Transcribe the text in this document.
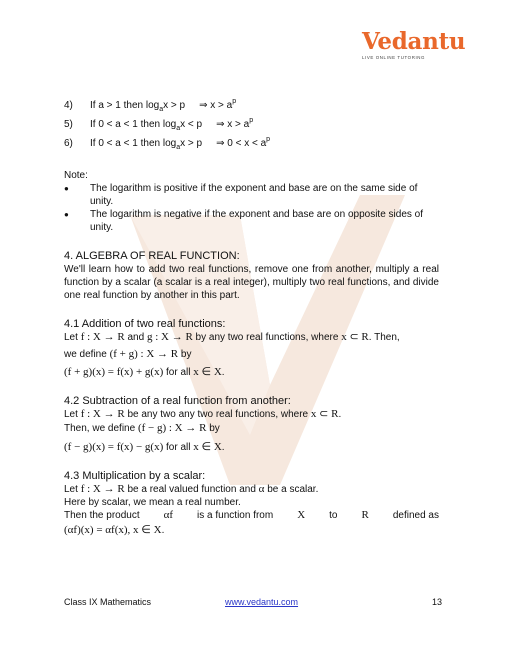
Vedantu
LIVE ONLINE TUTORING
4) If a > 1 then $\log_ax > p$ ⇒ $x > a^p$
5) If 0 < a < 1 then $\log_ax < p$ ⇒ $x > a^p$
6) If 0 < a < 1 then $\log_ax > p$ ⇒ $0 < x < a^p$
Note:
● The logarithm is positive if the exponent and base are on the same side of unity.
● The logarithm is negative if the exponent and base are on opposite sides of unity.
4. ALGEBRA OF REAL FUNCTION:
We'll learn how to add two real functions, remove one from another, multiply a real function by a scalar (a scalar is a real integer), multiply two real functions, and divide one real function by another in this part.
4.1 Addition of two real functions:
Let f : X → R and g : X → R by any two real functions, where x ⊂ R. Then,
we define (f + g) : X → R by
(f + g)(x) = f(x) + g(x) for all x ∈ X.
4.2 Subtraction of a real function from another:
Let f : X → R be any two any two real functions, where x ⊂ R.
Then, we define (f − g) : X → R by
(f − g)(x) = f(x) − g(x) for all x ∈ X.
4.3 Multiplication by a scalar:
Let f : X → R be a real valued function and α be a scalar.
Here by scalar, we mean a real number.
Then the product αf is a function from X to R defined as
(αf)(x) = αf(x), x ∈ X.
Class IX Mathematics	www.vedantu.com	13
